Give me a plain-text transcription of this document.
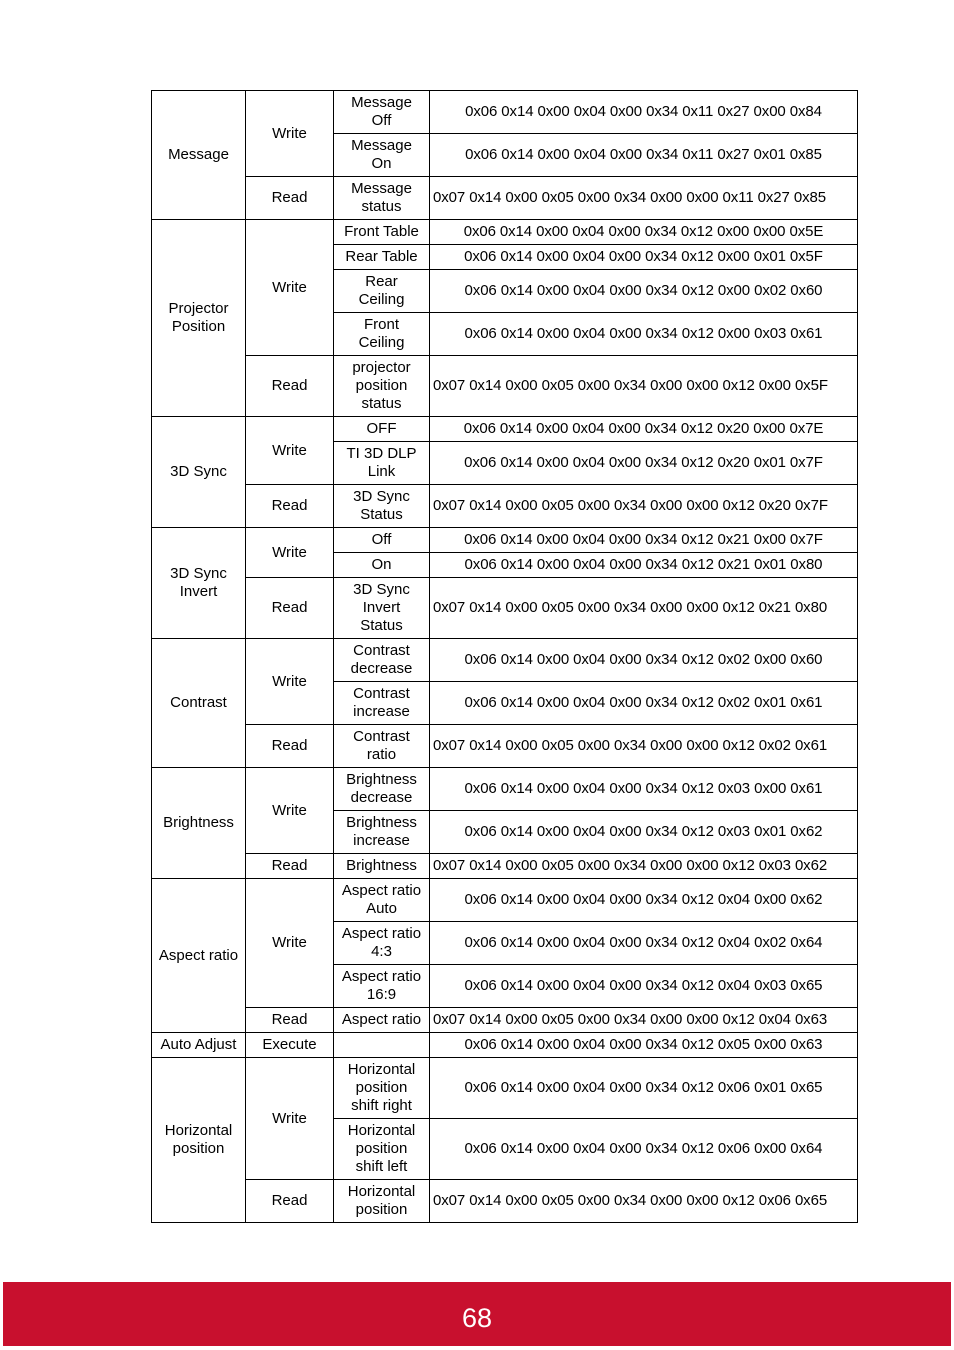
Message	Write	Message
Off	0x06 0x14 0x00 0x04 0x00 0x34 0x11 0x27 0x00 0x84
		Message
On	0x06 0x14 0x00 0x04 0x00 0x34 0x11 0x27 0x01 0x85
	Read	Message
status	0x07 0x14 0x00 0x05 0x00 0x34 0x00 0x00 0x11 0x27 0x85
Projector
Position	Write	Front Table	0x06 0x14 0x00 0x04 0x00 0x34 0x12 0x00 0x00 0x5E
		Rear Table	0x06 0x14 0x00 0x04 0x00 0x34 0x12 0x00 0x01 0x5F
		Rear
Ceiling	0x06 0x14 0x00 0x04 0x00 0x34 0x12 0x00 0x02 0x60
		Front
Ceiling	0x06 0x14 0x00 0x04 0x00 0x34 0x12 0x00 0x03 0x61
	Read	projector
position
status	0x07 0x14 0x00 0x05 0x00 0x34 0x00 0x00 0x12 0x00 0x5F
3D Sync	Write	OFF	0x06 0x14 0x00 0x04 0x00 0x34 0x12 0x20 0x00 0x7E
		TI 3D DLP
Link	0x06 0x14 0x00 0x04 0x00 0x34 0x12 0x20 0x01 0x7F
	Read	3D Sync
Status	0x07 0x14 0x00 0x05 0x00 0x34 0x00 0x00 0x12 0x20 0x7F
3D Sync
Invert	Write	Off	0x06 0x14 0x00 0x04 0x00 0x34 0x12 0x21 0x00 0x7F
		On	0x06 0x14 0x00 0x04 0x00 0x34 0x12 0x21 0x01 0x80
	Read	3D Sync
Invert
Status	0x07 0x14 0x00 0x05 0x00 0x34 0x00 0x00 0x12 0x21 0x80
Contrast	Write	Contrast
decrease	0x06 0x14 0x00 0x04 0x00 0x34 0x12 0x02 0x00 0x60
		Contrast
increase	0x06 0x14 0x00 0x04 0x00 0x34 0x12 0x02 0x01 0x61
	Read	Contrast
ratio	0x07 0x14 0x00 0x05 0x00 0x34 0x00 0x00 0x12 0x02 0x61
Brightness	Write	Brightness
decrease	0x06 0x14 0x00 0x04 0x00 0x34 0x12 0x03 0x00 0x61
		Brightness
increase	0x06 0x14 0x00 0x04 0x00 0x34 0x12 0x03 0x01 0x62
	Read	Brightness	0x07 0x14 0x00 0x05 0x00 0x34 0x00 0x00 0x12 0x03 0x62
Aspect ratio	Write	Aspect ratio
Auto	0x06 0x14 0x00 0x04 0x00 0x34 0x12 0x04 0x00 0x62
		Aspect ratio
4:3	0x06 0x14 0x00 0x04 0x00 0x34 0x12 0x04 0x02 0x64
		Aspect ratio
16:9	0x06 0x14 0x00 0x04 0x00 0x34 0x12 0x04 0x03 0x65
	Read	Aspect ratio	0x07 0x14 0x00 0x05 0x00 0x34 0x00 0x00 0x12 0x04 0x63
Auto Adjust	Execute		0x06 0x14 0x00 0x04 0x00 0x34 0x12 0x05 0x00 0x63
Horizontal
position	Write	Horizontal
position
shift right	0x06 0x14 0x00 0x04 0x00 0x34 0x12 0x06 0x01 0x65
		Horizontal
position
shift left	0x06 0x14 0x00 0x04 0x00 0x34 0x12 0x06 0x00 0x64
	Read	Horizontal
position	0x07 0x14 0x00 0x05 0x00 0x34 0x00 0x00 0x12 0x06 0x65
68
